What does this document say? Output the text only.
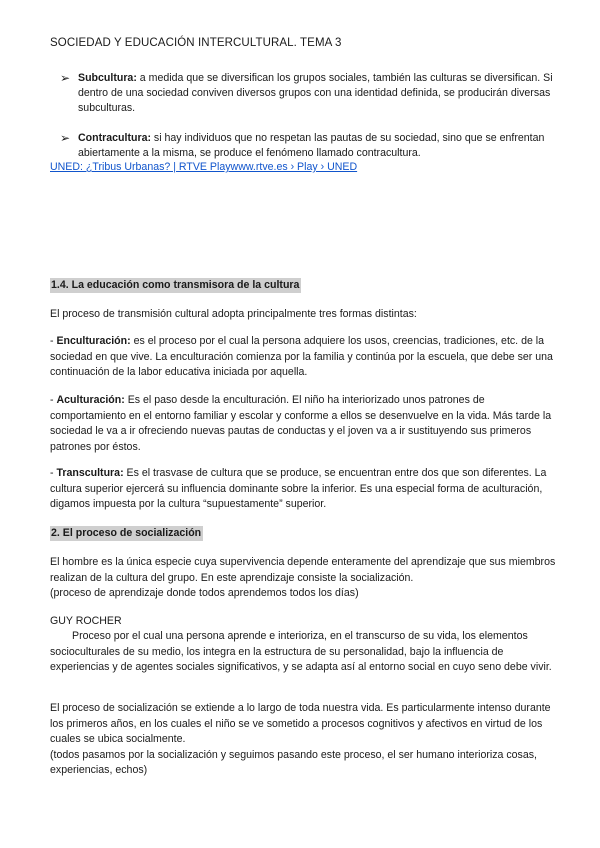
SOCIEDAD Y EDUCACIÓN INTERCULTURAL. TEMA 3
➢ Subcultura: a medida que se diversifican los grupos sociales, también las culturas se diversifican. Si dentro de una sociedad conviven diversos grupos con una identidad definida, se producirán diversas subculturas.
➢ Contracultura: si hay individuos que no respetan las pautas de su sociedad, sino que se enfrentan abiertamente a la misma, se produce el fenómeno llamado contracultura.
UNED: ¿Tribus Urbanas? | RTVE Playwww.rtve.es › Play › UNED
1.4. La educación como transmisora de la cultura
El proceso de transmisión cultural adopta principalmente tres formas distintas:
- Enculturación: es el proceso por el cual la persona adquiere los usos, creencias, tradiciones, etc. de la sociedad en que vive. La enculturación comienza por la familia y continúa por la escuela, que debe ser una continuación de la labor educativa iniciada por aquella.
- Aculturación: Es el paso desde la enculturación. El niño ha interiorizado unos patrones de comportamiento en el entorno familiar y escolar y conforme a ellos se desenvuelve en la vida. Más tarde la sociedad le va a ir ofreciendo nuevas pautas de conductas y el joven va a ir sustituyendo sus primeros patrones por éstos.
- Transcultura: Es el trasvase de cultura que se produce, se encuentran entre dos que son diferentes. La cultura superior ejercerá su influencia dominante sobre la inferior. Es una especial forma de aculturación, digamos impuesta por la cultura “supuestamente” superior.
2. El proceso de socialización
El hombre es la única especie cuya supervivencia depende enteramente del aprendizaje que sus miembros realizan de la cultura del grupo. En este aprendizaje consiste la socialización.
(proceso de aprendizaje donde todos aprendemos todos los días)
GUY ROCHER
Proceso por el cual una persona aprende e interioriza, en el transcurso de su vida, los elementos socioculturales de su medio, los integra en la estructura de su personalidad, bajo la influencia de experiencias y de agentes sociales significativos, y se adapta así al entorno social en cuyo seno debe vivir.
El proceso de socialización se extiende a lo largo de toda nuestra vida. Es particularmente intenso durante los primeros años, en los cuales el niño se ve sometido a procesos cognitivos y afectivos en virtud de los cuales se ubica socialmente.
(todos pasamos por la socialización y seguimos pasando este proceso, el ser humano interioriza cosas, experiencias, echos)
